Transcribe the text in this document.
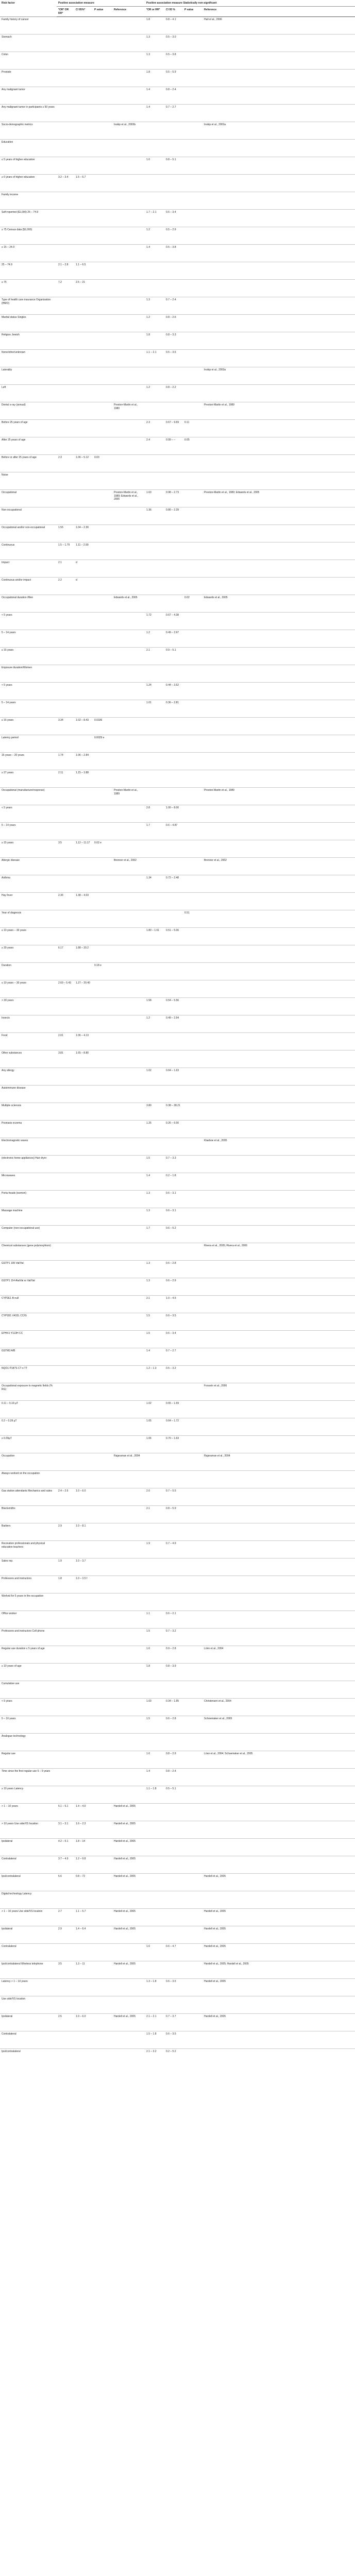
Risk factor	Positive association measure				Positive association measure Statistically non-significant			
	*OR* OR RR*	CI 95%*	P value	Reference	*OR or RR*	CI 95 %	P value	Reference
Family history of cancer					1.8	0.8 – 4.1		Hall et al., 2006
Stomach					1.3	0.5 – 3.0		
Colon					1.3	0.5 – 3.8		
Prostate					1.8	0.5 – 5.9		
Any malignant tumor					1.4	0.8 – 2.4		
Any malignant tumor in participants ≥ 50 years					1.4	0.7 – 2.7		
Socio-demographic metrics				Inskip et al., 2003b				Inskip et al., 2003a
Education								
≤ 5 years of higher education					1.0	0.8 – 5.1		
≥ 6 years of higher education	3.2 – 3.4	1.5 – 6.7						
Family income								
Self-reported ($1,000) 25 – 74.9					1.7 – 2.1	0.5 – 3.4		
≥ 75 Census data ($1,000)					1.2	0.5 – 2.9		
≥ 15 – 24.9					1.4	0.5 – 3.8		
25 – 74.9	2.1 – 2.8	1.1 – 6.5						
≥ 75	7.2	2.5 – 21						
Type of health care insurance Organization (HMO)					1.3	0.7 – 2.4		
Marital status Singles					1.2	0.8 – 2.6		
Religion Jewish					1.8	0.8 – 3.3		
None/other/unknown					1.1 – 2.1	0.5 – 3.6		
Laterality								Inskip et al., 2003a
Left					1.2	0.8 – 2.2		
Dental x-ray (annual)				Preston-Martin et al., 1980				Preston-Martin et al., 1989
Before 25 years of age					2.3	0.67 – 9.69	0.11	
After 25 years of age					2.4	0.99 – –	0.05	
Before or after 25 years of age	2.3	1.06 – 5.12	0.03					
Noise								
Occupational				Preston-Martin et al., 1989; Edwards et al., 2005	1.63	0.98 – 2.73		Preston-Martin et al., 1989; Edwards et al., 2005
Non-occupational					1.36	0.80 – 2.39		
Occupational and/or non-occupational	1.55	1.04 – 2.30						
Continuous	1.5 – 1.79	1.11 – 2.99						
Impact	2.1	d						
Continuous and/or impact	2.2	d						
Occupational duration /Men				Edwards et al., 2005			0.02	Edwards et al., 2005
< 5 years					1.72	0.67 – 4.38		
5 – 14 years					1.2	0.49 – 2.97		
≥ 15 years					2.1	0.9 – 5.1		
Exposure duration/Women								
< 5 years					1.24	0.44 – 3.52		
5 – 14 years					1.01	0.36 – 2.81		
≥ 15 years	3.34	1.02 – 8.43	0.0336					
Latency period			0.0029 e					
15 years – 20 years	1.74	1.06 – 2.84						
≥ 27 years	2.11	1.15 – 3.88						
Occupational (manufacture/response)				Preston-Martin et al., 1989				Preston-Martin et al., 1989
< 5 years					2.8	1.00 – 8.00		
5 – 14 years					1.7	0.6 – 4.87		
≥ 15 years	3.5	1.12 – 11.17	0.02 e					
Allergic disease				Brenner et al., 2002				Brenner et al., 2002
Asthma					1.34	0.72 – 2.48		
Hay fever	2.36	1.38 – 4.03						
Year of diagnosis							0.51	
≤ 10 years – 30 years					1.80 – 1.61	0.51 – 5.06		
≥ 30 years	6.17	1.88 – 20.2						
Duration			0.18 e					
≤ 10 years – 30 years	2.69 – 5.43	1.27 – 20.40						
> 30 years					1.58	0.54 – 5.56		
Insects					1.2	0.49 – 2.94		
Food	2.01	1.06 – 4.13						
Other substances	3.81	1.65 – 8.80						
Any allergy					1.02	0.64 – 1.63		
Autoimmune disease								
Multiple sclerosis					3.80	0.38 – 38.21		
Psoriasis eczema					1.25	0.26 – 6.00		
Electromagnetic waves								Klaeboe et al., 2005
(electronic home appliances) Hair dryer					1.5	0.7 – 3.3		
Microwaves					1.4	0.2 – 1.8		
Porta-heads (women)					1.3	0.6 – 3.1		
Massage machine					1.3	0.6 – 3.1		
Computer (non-occupational use)					1.7	0.6 – 5.2		
Chemical substances (gene polymorphism)								Rivera et al., 2005; Rivera et al., 2006
GSTP1 105 Val/Val					1.3	0.6 – 2.8		
GSTP1 114 Ala/Val or Val/Val					1.3	0.6 – 2.9		
CYP2E1 B null					2.1	1.0 – 4.5		
CYP1B1 V432L CC/G					1.5	0.6 – 3.5		
EPHX1 Y113H CC					1.5	0.6 – 3.4		
GSTM3 A/B					1.4	0.7 – 2.7		
NQO1 P187S CT o TT					1.2 – 1.3	0.5 – 3.2		
Occupational exposure to magnetic fields (% RG)								Forssén et al., 2006
0.11 – 0.19 µT					1.02	0.65 – 1.59		
0.2 – 0.39 µT					1.05	0.64 – 1.72		
≥ 0.39µT					1.06	0.70 – 1.63		
Occupation				Rajaraman et al., 2004				Rajaraman et al., 2004
Always worked on the occupation								
Gas station attendants Mechanics and sales	2.4 – 2.6	1.0 – 6.0			2.0	0.7 – 5.5		
Blacksmiths					2.1	0.8 – 5.9		
Barbers	2.9	1.0 – 8.1						
Recreation professionals and physical education teachers					1.9	0.7 – 4.9		
Sales rep.	1.9	1.0 – 3.7						
Professors and instructors	1.8	1.0 – 3.5 f						
Worked for 5 years in the occupation								
Office worker					1.1	0.6 – 2.1		
Professors and instructors Cell phone					1.5	0.7 – 3.2		
Regular use duration ≤ 5 years of age					1.6	0.9 – 2.8		Lönn et al., 2004
≥ 10 years of age					1.8	0.8 – 3.9		
Cumulative use								
< 5 years					1.03	0.34 – 1.95		Christensen et al., 2004
5 – 10 years					1.5	0.6 – 2.8		Schoemaker et al., 2005
Analogue technology								
Regular use					1.6	0.8 – 2.9		Lönn et al., 2004; Schoemaker et al., 2005
Time since the first regular use 5 – 9 years					1.4	0.8 – 2.4		
≥ 10 years Latency					1.1 – 1.8	0.5 – 5.1		
> 1 – 10 years	5.1 – 5.1	1.4 – 4.0		Hardell et al., 2005				
> 10 years Use side/VS location	3.1 – 3.1	1.6 – 2.3		Hardell et al., 2005				
Ipsilateral	4.2 – 5.1	1.8 – 14		Hardell et al., 2005				
Contralateral	3.7 – 4.9	1.2 – 9.8		Hardell et al., 2005				
Ipsi/contralateral	5.6	0.8 – 72		Hardell et al., 2005				Hardell et al., 2005
Digital technology Latency								
> 1 – 10 years Use side/VS location	2.7	1.1 – 5.7		Hardell et al., 2005				Hardell et al., 2005
Ipsilateral	2.9	1.4 – 6.4		Hardell et al., 2005				Hardell et al., 2005
Contralateral					1.6	0.6 – 4.7		Hardell et al., 2005
Ipsi/contralateral Wireless telephone	3.5	1.3 – 11		Hardell et al., 2005				Hardell et al., 2005; Hardell et al., 2005
Latency > 1 – 10 years					1.3 – 1.8	0.6 – 3.5		Hardell et al., 2005
Use side/VS location								
Ipsilateral	2.5	1.0 – 6.0		Hardell et al., 2005	2.1 – 2.1	0.7 – 3.7		Hardell et al., 2005
Contralateral					1.5 – 1.8	0.6 – 3.5		
Ipsi/contralateral					2.1 – 3.2	0.2 – 5.2		
